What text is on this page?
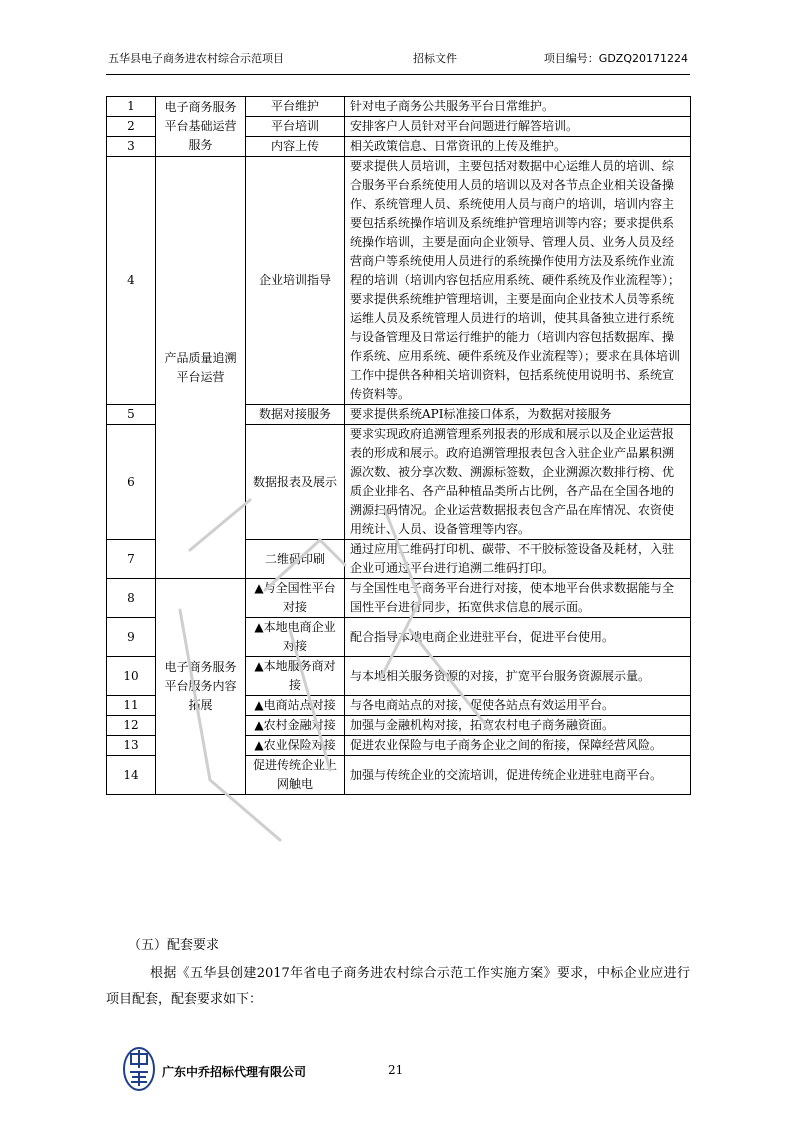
五华县电子商务进农村综合示范项目	招标文件	项目编号：GDZQ20171224
1	电子商务服务平台基础运营服务	平台维护	针对电子商务公共服务平台日常维护。
2		平台培训	安排客户人员针对平台问题进行解答培训。
3		内容上传	相关政策信息、日常资讯的上传及维护。
4	产品质量追溯平台运营	企业培训指导	要求提供人员培训，主要包括对数据中心运维人员的培训、综合服务平台系统使用人员的培训以及对各节点企业相关设备操作、系统管理人员、系统使用人员与商户的培训，培训内容主要包括系统操作培训及系统维护管理培训等内容；要求提供系统操作培训，主要是面向企业领导、管理人员、业务人员及经营商户等系统使用人员进行的系统操作使用方法及系统作业流程的培训（培训内容包括应用系统、硬件系统及作业流程等）；要求提供系统维护管理培训，主要是面向企业技术人员等系统运维人员及系统管理人员进行的培训，使其具备独立进行系统与设备管理及日常运行维护的能力（培训内容包括数据库、操作系统、应用系统、硬件系统及作业流程等）；要求在具体培训工作中提供各种相关培训资料，包括系统使用说明书、系统宣传资料等。
5		数据对接服务	要求提供系统API标准接口体系，为数据对接服务
6		数据报表及展示	要求实现政府追溯管理系列报表的形成和展示以及企业运营报表的形成和展示。政府追溯管理报表包含入驻企业产品累积溯源次数、被分享次数、溯源标签数，企业溯源次数排行榜、优质企业排名、各产品种植品类所占比例，各产品在全国各地的溯源扫码情况。企业运营数据报表包含产品在库情况、农资使用统计、人员、设备管理等内容。
7		二维码印刷	通过应用二维码打印机、碳带、不干胶标签设备及耗材，入驻企业可通过平台进行追溯二维码打印。
8	电子商务服务平台服务内容拓展	▲与全国性平台对接	与全国性电子商务平台进行对接，使本地平台供求数据能与全国性平台进行同步，拓宽供求信息的展示面。
9		▲本地电商企业对接	配合指导本地电商企业进驻平台，促进平台使用。
10		▲本地服务商对接	与本地相关服务资源的对接，扩宽平台服务资源展示量。
11		▲电商站点对接	与各电商站点的对接，促使各站点有效运用平台。
12		▲农村金融对接	加强与金融机构对接，拓宽农村电子商务融资面。
13		▲农业保险对接	促进农业保险与电子商务企业之间的衔接，保障经营风险。
14		促进传统企业上网触电	加强与传统企业的交流培训，促进传统企业进驻电商平台。
（五）配套要求
根据《五华县创建2017年省电子商务进农村综合示范工作实施方案》要求，中标企业应进行项目配套，配套要求如下：
广东中乔招标代理有限公司	21
